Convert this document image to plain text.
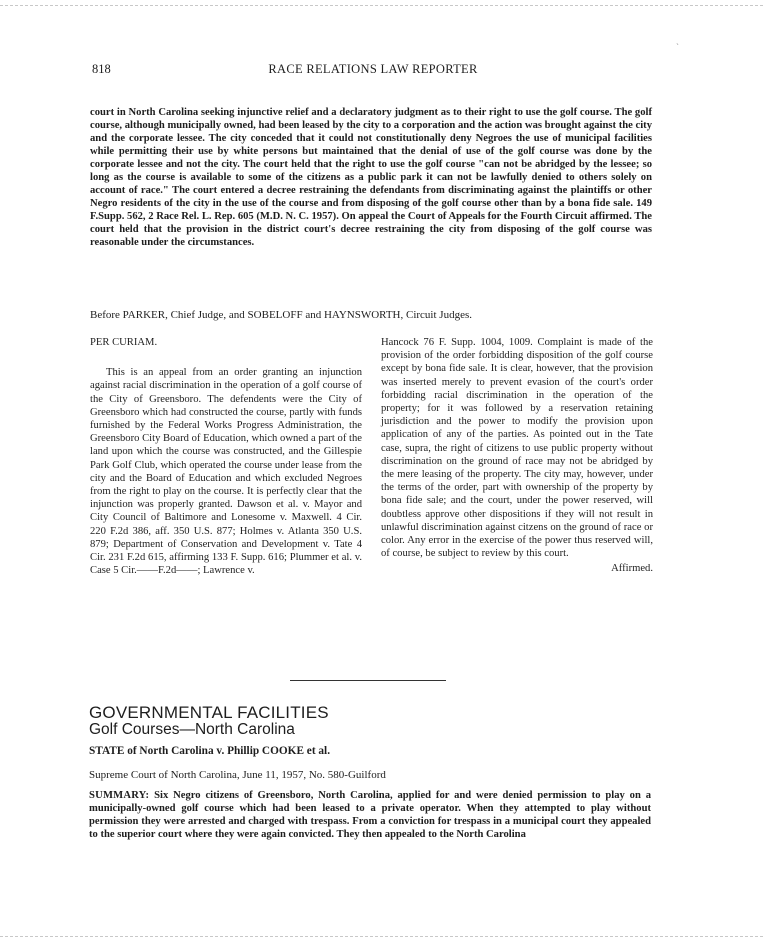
˴
818	RACE RELATIONS LAW REPORTER
court in North Carolina seeking injunctive relief and a declaratory judgment as to their right to use the golf course. The golf course, although municipally owned, had been leased by the city to a corporation and the action was brought against the city and the corporate lessee. The city conceded that it could not constitutionally deny Negroes the use of municipal facilities while permitting their use by white persons but maintained that the denial of use of the golf course was done by the corporate lessee and not the city. The court held that the right to use the golf course "can not be abridged by the lessee; so long as the course is available to some of the citizens as a public park it can not be lawfully denied to others solely on account of race." The court entered a decree restraining the defendants from discriminating against the plaintiffs or other Negro residents of the city in the use of the course and from disposing of the golf course other than by a bona fide sale. 149 F.Supp. 562, 2 Race Rel. L. Rep. 605 (M.D. N. C. 1957). On appeal the Court of Appeals for the Fourth Circuit affirmed. The court held that the provision in the district court's decree restraining the city from disposing of the golf course was reasonable under the circumstances.
Before PARKER, Chief Judge, and SOBELOFF and HAYNSWORTH, Circuit Judges.
PER CURIAM.

This is an appeal from an order granting an injunction against racial discrimination in the operation of a golf course of the City of Greensboro. The defendents were the City of Greensboro which had constructed the course, partly with funds furnished by the Federal Works Progress Administration, the Greensboro City Board of Education, which owned a part of the land upon which the course was constructed, and the Gillespie Park Golf Club, which operated the course under lease from the city and the Board of Education and which excluded Negroes from the right to play on the course. It is perfectly clear that the injunction was properly granted. Dawson et al. v. Mayor and City Council of Baltimore and Lonesome v. Maxwell. 4 Cir. 220 F.2d 386, aff. 350 U.S. 877; Holmes v. Atlanta 350 U.S. 879; Department of Conservation and Development v. Tate 4 Cir. 231 F.2d 615, affirming 133 F. Supp. 616; Plummer et al. v. Case 5 Cir.——F.2d——; Lawrence v.

Hancock 76 F. Supp. 1004, 1009. Complaint is made of the provision of the order forbidding disposition of the golf course except by bona fide sale. It is clear, however, that the provision was inserted merely to prevent evasion of the court's order forbidding racial discrimination in the operation of the property; for it was followed by a reservation retaining jurisdiction and the power to modify the provision upon application of any of the parties. As pointed out in the Tate case, supra, the right of citizens to use public property without discrimination on the ground of race may not be abridged by the mere leasing of the property. The city may, however, under the terms of the order, part with ownership of the property by bona fide sale; and the court, under the power reserved, will doubtless approve other dispositions if they will not result in unlawful discrimination against citzens on the ground of race or color. Any error in the exercise of the power thus reserved will, of course, be subject to review by this court.

Affirmed.
GOVERNMENTAL FACILITIES
Golf Courses—North Carolina
STATE of North Carolina v. Phillip COOKE et al.
Supreme Court of North Carolina, June 11, 1957, No. 580-Guilford
SUMMARY: Six Negro citizens of Greensboro, North Carolina, applied for and were denied permission to play on a municipally-owned golf course which had been leased to a private operator. When they attempted to play without permission they were arrested and charged with trespass. From a conviction for trespass in a municipal court they appealed to the superior court where they were again convicted. They then appealed to the North Carolina
